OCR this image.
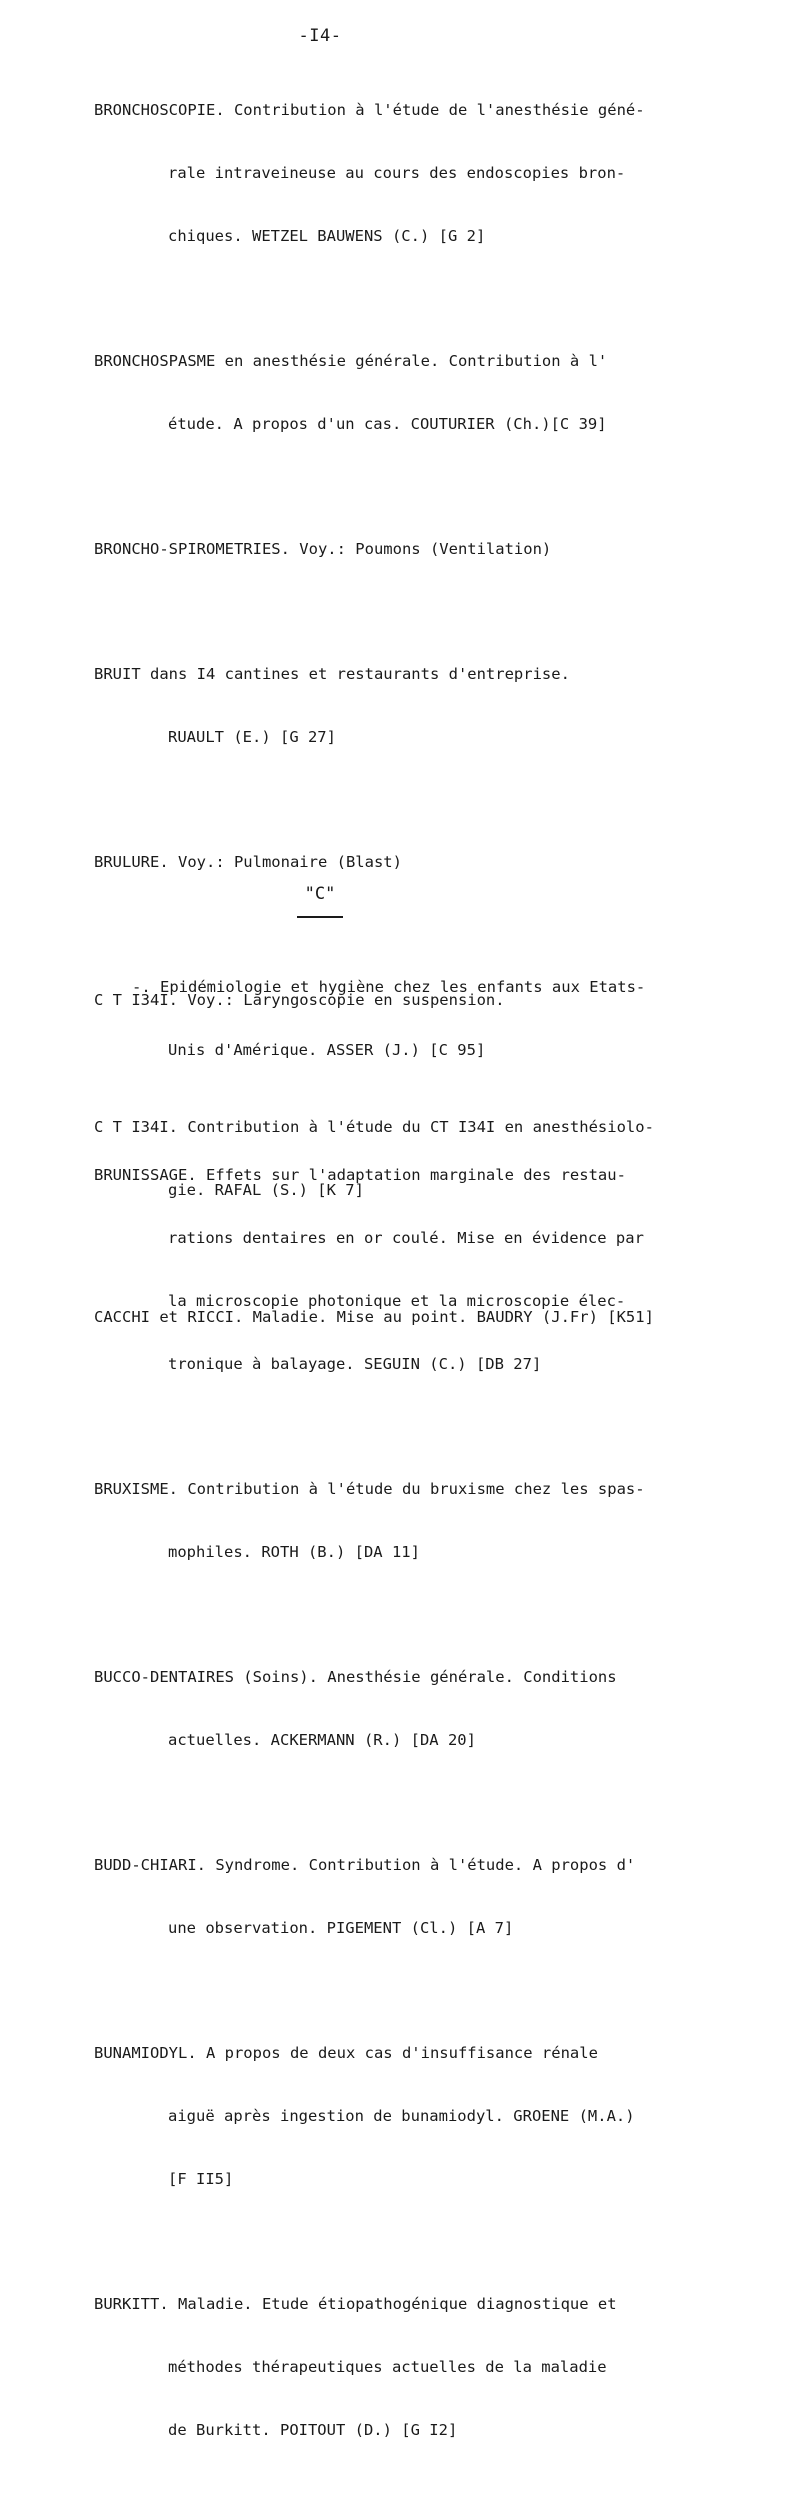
-I4-

BRONCHOSCOPIE. Contribution à l'étude de l'anesthésie géné-

rale intraveineuse au cours des endoscopies bron-

chiques. WETZEL BAUWENS (C.) [G 2]

BRONCHOSPASME en anesthésie générale. Contribution à l'

étude. A propos d'un cas. COUTURIER (Ch.)[C 39]

BRONCHO-SPIROMETRIES. Voy.: Poumons (Ventilation)

BRUIT dans I4 cantines et restaurants d'entreprise.

RUAULT (E.) [G 27]

BRULURE. Voy.: Pulmonaire (Blast)

-. Epidémiologie et hygiène chez les enfants aux Etats-

Unis d'Amérique. ASSER (J.) [C 95]

BRUNISSAGE. Effets sur l'adaptation marginale des restau-

rations dentaires en or coulé. Mise en évidence par

la microscopie photonique et la microscopie élec-

tronique à balayage. SEGUIN (C.) [DB 27]

BRUXISME. Contribution à l'étude du bruxisme chez les spas-

mophiles. ROTH (B.) [DA 11]

BUCCO-DENTAIRES (Soins). Anesthésie générale. Conditions

actuelles. ACKERMANN (R.) [DA 20]

BUDD-CHIARI. Syndrome. Contribution à l'étude. A propos d'

une observation. PIGEMENT (Cl.) [A 7]

BUNAMIODYL. A propos de deux cas d'insuffisance rénale

aiguë après ingestion de bunamiodyl. GROENE (M.A.)

[F II5]

BURKITT. Maladie. Etude étiopathogénique diagnostique et

méthodes thérapeutiques actuelles de la maladie

de Burkitt. POITOUT (D.) [G I2]

"C"

C T I34I. Voy.: Laryngoscopie en suspension.

C T I34I. Contribution à l'étude du CT I34I en anesthésiolo-

gie. RAFAL (S.) [K 7]

CACCHI et RICCI. Maladie. Mise au point. BAUDRY (J.Fr) [K51]
